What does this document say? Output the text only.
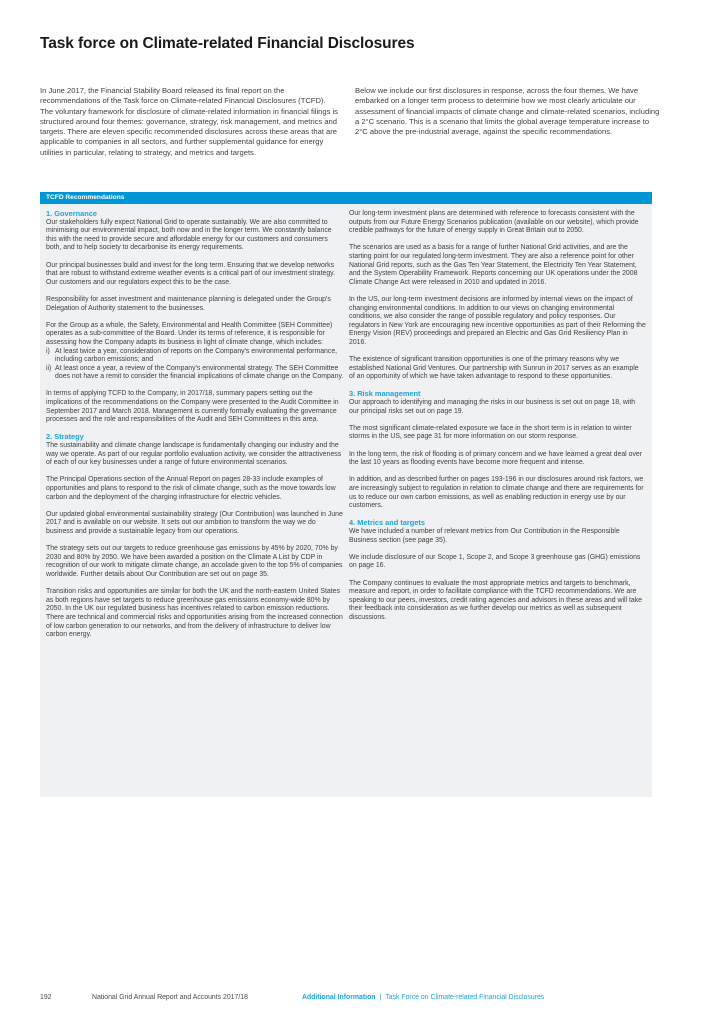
Task force on Climate-related Financial Disclosures

In June 2017, the Financial Stability Board released its final report on the recommendations of the Task force on Climate-related Financial Disclosures (TCFD). The voluntary framework for disclosure of climate-related information in financial filings is structured around four themes: governance, strategy, risk management, and metrics and targets. There are eleven specific recommended disclosures across these areas that are applicable to companies in all sectors, and further supplemental guidance for energy utilities in particular, relating to strategy, and metrics and targets.

Below we include our first disclosures in response, across the four themes. We have embarked on a longer term process to determine how we most clearly articulate our assessment of financial impacts of climate change and climate-related scenarios, including a 2°C scenario. This is a scenario that limits the global average temperature increase to 2°C above the pre-industrial average, against the specific recommendations.

TCFD Recommendations
1. Governance

Our stakeholders fully expect National Grid to operate sustainably. We are also committed to minimising our environmental impact, both now and in the longer term. We constantly balance this with the need to provide secure and affordable energy for our customers and consumers both, and to help society to decarbonise its energy requirements.

Our principal businesses build and invest for the long term. Ensuring that we develop networks that are robust to withstand extreme weather events is a critical part of our investment strategy. Our customers and our regulators expect this to be the case.

Responsibility for asset investment and maintenance planning is delegated under the Group's Delegation of Authority statement to the businesses.

For the Group as a whole, the Safety, Environmental and Health Committee (SEH Committee) operates as a sub-committee of the Board. Under its terms of reference, it is responsible for assessing how the Company adapts its business in light of climate change, which includes:

i) At least twice a year, consideration of reports on the Company's environmental performance, including carbon emissions; and
ii) At least once a year, a review of the Company's environmental strategy. The SEH Committee does not have a remit to consider the financial implications of climate change on the Company.

In terms of applying TCFD to the Company, in 2017/18, summary papers setting out the implications of the recommendations on the Company were presented to the Audit Committee in September 2017 and March 2018. Management is currently formally evaluating the governance processes and the role and responsibilities of the Audit and SEH Committees in this area.

2. Strategy

The sustainability and climate change landscape is fundamentally changing our industry and the way we operate. As part of our regular portfolio evaluation activity, we consider the attractiveness of each of our key businesses under a range of future environmental scenarios.

The Principal Operations section of the Annual Report on pages 28-33 include examples of opportunities and plans to respond to the risk of climate change, such as the move towards low carbon and the deployment of the charging infrastructure for electric vehicles.

Our updated global environmental sustainability strategy (Our Contribution) was launched in June 2017 and is available on our website. It sets out our ambition to transform the way we do business and provide a sustainable legacy from our operations.

The strategy sets out our targets to reduce greenhouse gas emissions by 45% by 2020, 70% by 2030 and 80% by 2050. We have been awarded a position on the Climate A List by CDP in recognition of our work to mitigate climate change, an accolade given to the top 5% of companies worldwide. Further details about Our Contribution are set out on page 35.

Transition risks and opportunities are similar for both the UK and the north-eastern United States as both regions have set targets to reduce greenhouse gas emissions economy-wide 80% by 2050. In the UK our regulated business has incentives related to carbon emission reductions. There are technical and commercial risks and opportunities arising from the increased connection of low carbon generation to our networks, and from the delivery of infrastructure to deliver low carbon energy.

Our long-term investment plans are determined with reference to forecasts consistent with the outputs from our Future Energy Scenarios publication (available on our website), which provide credible pathways for the future of energy supply in Great Britain out to 2050.

The scenarios are used as a basis for a range of further National Grid activities, and are the starting point for our regulated long-term investment. They are also a reference point for other National Grid reports, such as the Gas Ten Year Statement, the Electricity Ten Year Statement, and the System Operability Framework. Reports concerning our UK operations under the 2008 Climate Change Act were released in 2010 and updated in 2016.

In the US, our long-term investment decisions are informed by internal views on the impact of changing environmental conditions. In addition to our views on changing environmental conditions, we also consider the range of possible regulatory and policy responses. Our regulators in New York are encouraging new incentive opportunities as part of their Reforming the Energy Vision (REV) proceedings and prepared an Electric and Gas Grid Resiliency Plan in 2016.

The existence of significant transition opportunities is one of the primary reasons why we established National Grid Ventures. Our partnership with Sunrun in 2017 serves as an example of an opportunity of which we have taken advantage to respond to these opportunities.

3. Risk management

Our approach to identifying and managing the risks in our business is set out on page 18, with our principal risks set out on page 19.

The most significant climate-related exposure we face in the short term is in relation to winter storms in the US, see page 31 for more information on our storm response.

In the long term, the risk of flooding is of primary concern and we have learned a great deal over the last 10 years as flooding events have become more frequent and intense.

In addition, and as described further on pages 193-196 in our disclosures around risk factors, we are increasingly subject to regulation in relation to climate change and there are requirements for us to reduce our own carbon emissions, as well as enabling reduction in energy use by our customers.

4. Metrics and targets

We have included a number of relevant metrics from Our Contribution in the Responsible Business section (see page 35).

We include disclosure of our Scope 1, Scope 2, and Scope 3 greenhouse gas (GHG) emissions on page 16.

The Company continues to evaluate the most appropriate metrics and targets to benchmark, measure and report, in order to facilitate compliance with the TCFD recommendations. We are speaking to our peers, investors, credit rating agencies and advisors in these areas and will take their feedback into consideration as we further develop our metrics as well as subsequent discussions.

192	National Grid Annual Report and Accounts 2017/18	Additional Information | Task Force on Climate-related Financial Disclosures
